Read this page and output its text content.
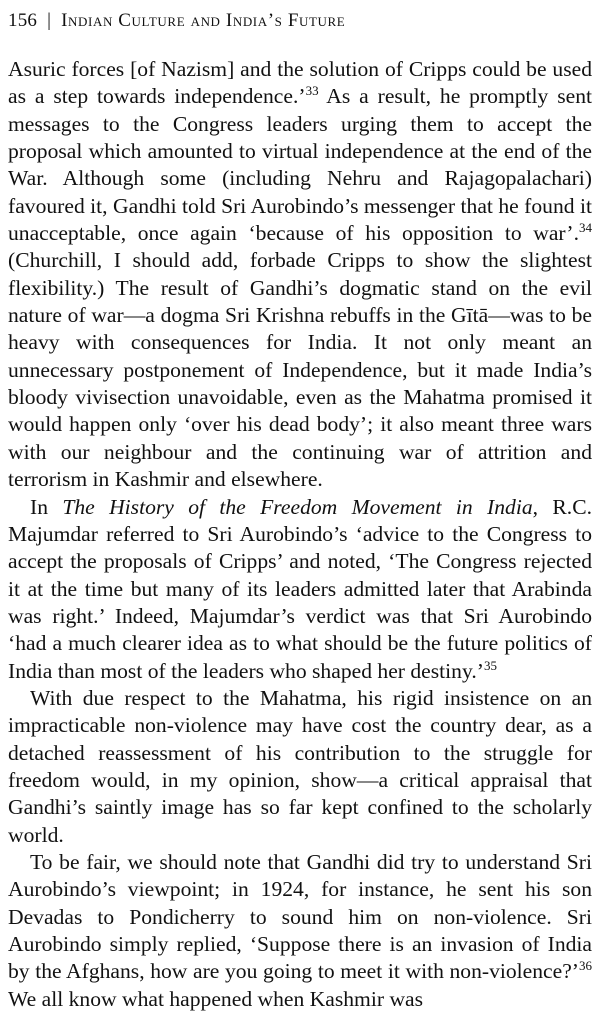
156 | Indian Culture and India’s Future

Asuric forces [of Nazism] and the solution of Cripps could be used as a step towards independence.’$^{33}$ As a result, he promptly sent messages to the Congress leaders urging them to accept the proposal which amounted to virtual independence at the end of the War. Although some (including Nehru and Rajagopalachari) favoured it, Gandhi told Sri Aurobindo’s messenger that he found it unacceptable, once again ‘because of his opposition to war’.$^{34}$ (Churchill, I should add, forbade Cripps to show the slightest flexibility.) The result of Gandhi’s dogmatic stand on the evil nature of war—a dogma Sri Krishna rebuffs in the Gītā—was to be heavy with consequences for India. It not only meant an unnecessary postponement of Independence, but it made India’s bloody vivisection unavoidable, even as the Mahatma promised it would happen only ‘over his dead body’; it also meant three wars with our neighbour and the continuing war of attrition and terrorism in Kashmir and elsewhere.

In The History of the Freedom Movement in India, R.C. Majumdar referred to Sri Aurobindo’s ‘advice to the Congress to accept the proposals of Cripps’ and noted, ‘The Congress rejected it at the time but many of its leaders admitted later that Arabinda was right.’ Indeed, Majumdar’s verdict was that Sri Aurobindo ‘had a much clearer idea as to what should be the future politics of India than most of the leaders who shaped her destiny.’$^{35}$

With due respect to the Mahatma, his rigid insistence on an impracticable non-violence may have cost the country dear, as a detached reassessment of his contribution to the struggle for freedom would, in my opinion, show—a critical appraisal that Gandhi’s saintly image has so far kept confined to the scholarly world.

To be fair, we should note that Gandhi did try to understand Sri Aurobindo’s viewpoint; in 1924, for instance, he sent his son Devadas to Pondicherry to sound him on non-violence. Sri Aurobindo simply replied, ‘Suppose there is an invasion of India by the Afghans, how are you going to meet it with non-violence?’$^{36}$ We all know what happened when Kashmir was
